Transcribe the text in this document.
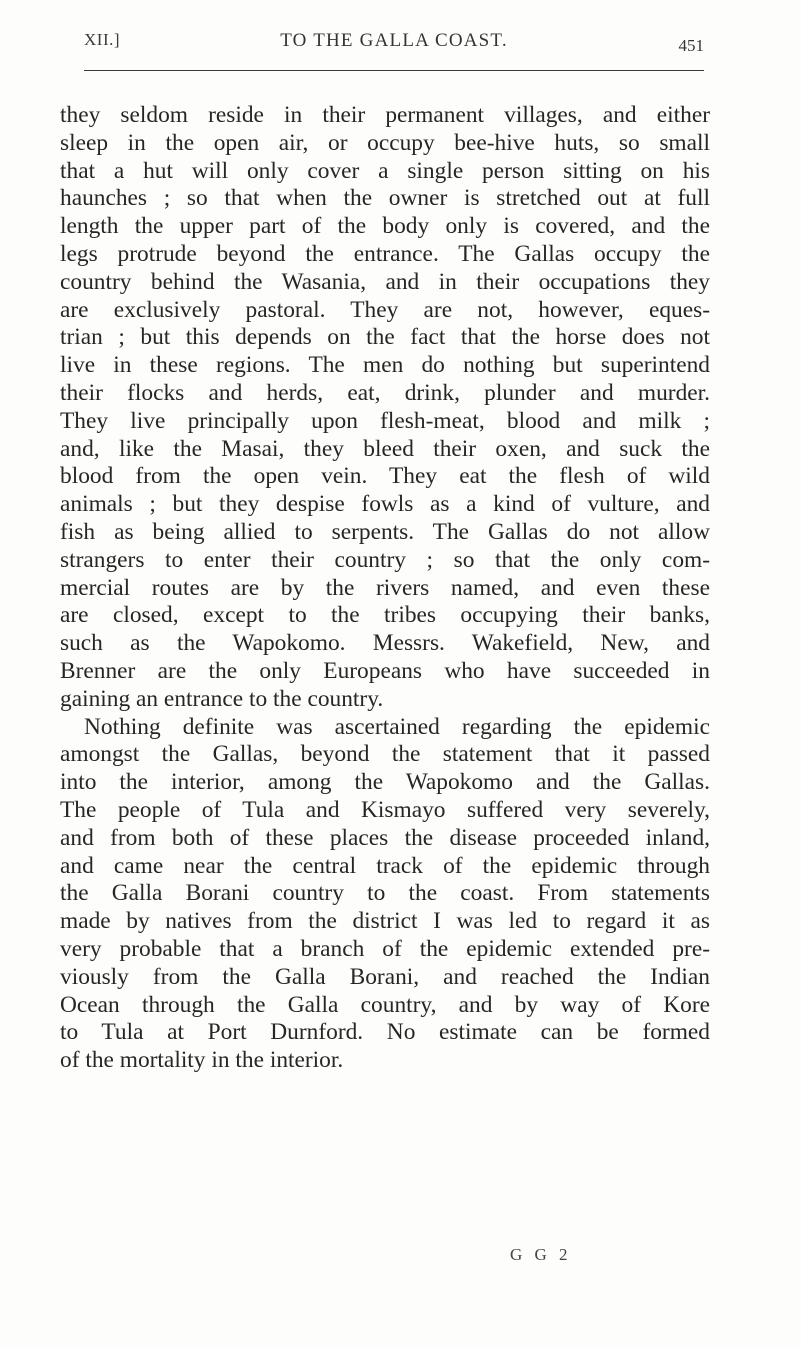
XII.]	TO THE GALLA COAST.	451
they seldom reside in their permanent villages, and either
sleep in the open air, or occupy bee-hive huts, so small
that a hut will only cover a single person sitting on his
haunches ; so that when the owner is stretched out at full
length the upper part of the body only is covered, and the
legs protrude beyond the entrance. The Gallas occupy the
country behind the Wasania, and in their occupations they
are exclusively pastoral. They are not, however, eques-
trian ; but this depends on the fact that the horse does not
live in these regions. The men do nothing but superintend
their flocks and herds, eat, drink, plunder and murder.
They live principally upon flesh-meat, blood and milk ;
and, like the Masai, they bleed their oxen, and suck the
blood from the open vein. They eat the flesh of wild
animals ; but they despise fowls as a kind of vulture, and
fish as being allied to serpents. The Gallas do not allow
strangers to enter their country ; so that the only com-
mercial routes are by the rivers named, and even these
are closed, except to the tribes occupying their banks,
such as the Wapokomo. Messrs. Wakefield, New, and
Brenner are the only Europeans who have succeeded in
gaining an entrance to the country.
Nothing definite was ascertained regarding the epidemic
amongst the Gallas, beyond the statement that it passed
into the interior, among the Wapokomo and the Gallas.
The people of Tula and Kismayo suffered very severely,
and from both of these places the disease proceeded inland,
and came near the central track of the epidemic through
the Galla Borani country to the coast. From statements
made by natives from the district I was led to regard it as
very probable that a branch of the epidemic extended pre-
viously from the Galla Borani, and reached the Indian
Ocean through the Galla country, and by way of Kore
to Tula at Port Durnford. No estimate can be formed
of the mortality in the interior.
G G 2
